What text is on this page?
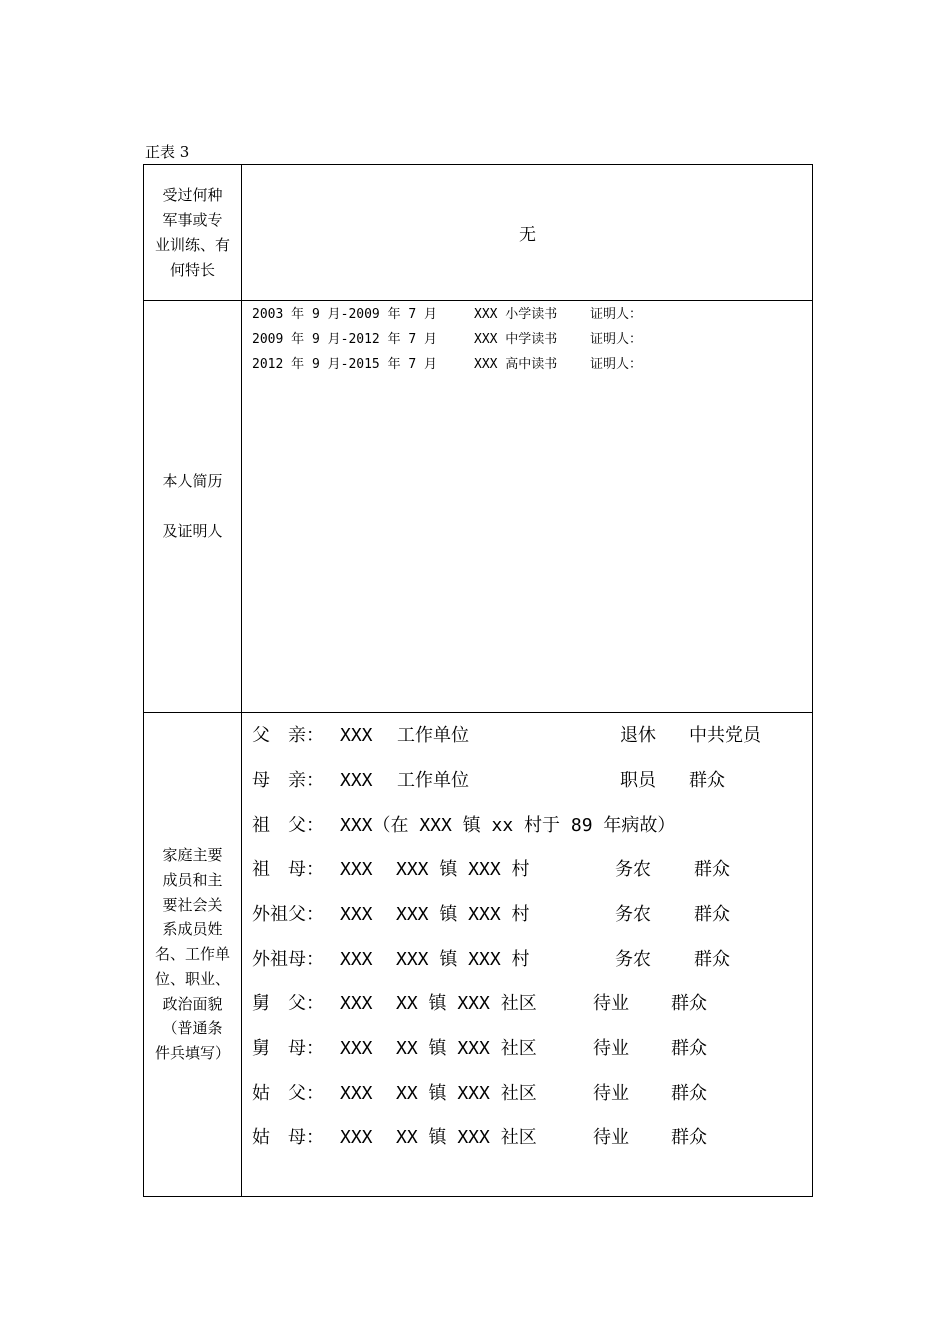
正表 3
受过何种
军事或专
业训练、有
何特长
无
本人简历
及证明人
2003 年 9 月-2009 年 7 月	XXX 小学读书	证明人：
2009 年 9 月-2012 年 7 月	XXX 中学读书	证明人：
2012 年 9 月-2015 年 7 月	XXX 高中读书	证明人：
家庭主要
成员和主
要社会关
系成员姓
名、工作单
位、职业、
政治面貌
（普通条
件兵填写）
父　亲： XXX 工作单位	退休 中共党员
母　亲： XXX 工作单位	职员 群众
祖　父： XXX（在 XXX 镇 xx 村于 89 年病故）
祖　母： XXX XXX 镇 XXX 村	务农 群众
外祖父： XXX XXX 镇 XXX 村	务农 群众
外祖母： XXX XXX 镇 XXX 村	务农 群众
舅　父： XXX XX 镇 XXX 社区	待业 群众
舅　母： XXX XX 镇 XXX 社区	待业 群众
姑　父： XXX XX 镇 XXX 社区	待业 群众
姑　母： XXX XX 镇 XXX 社区	待业 群众
